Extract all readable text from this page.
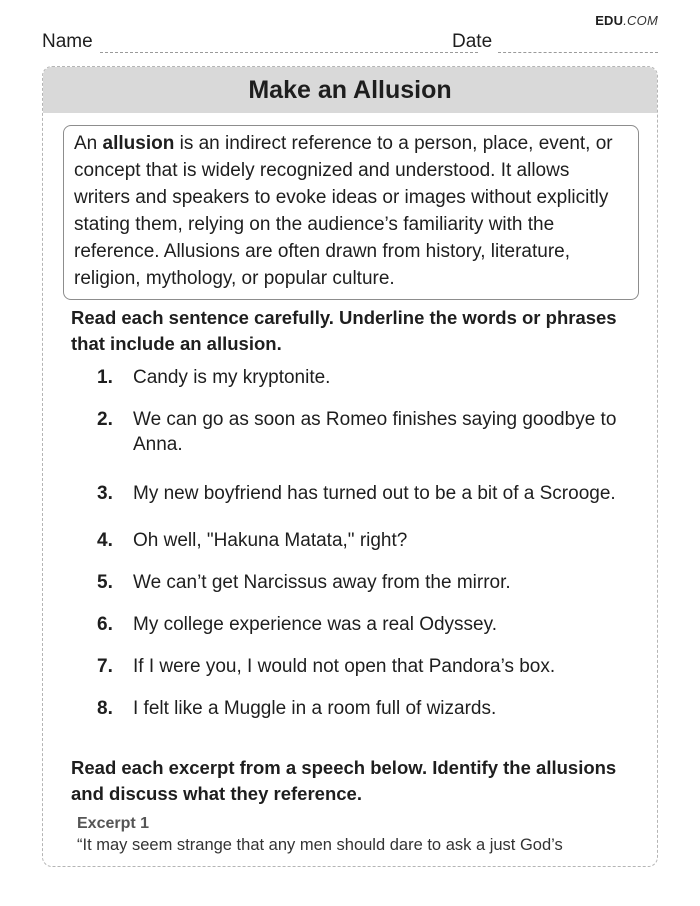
EDU.COM
Name	Date
Make an Allusion
An allusion is an indirect reference to a person, place, event, or concept that is widely recognized and understood. It allows writers and speakers to evoke ideas or images without explicitly stating them, relying on the audience’s familiarity with the reference. Allusions are often drawn from history, literature, religion, mythology, or popular culture.
Read each sentence carefully. Underline the words or phrases that include an allusion.
1.	Candy is my kryptonite.
2.	We can go as soon as Romeo finishes saying goodbye to Anna.
3.	My new boyfriend has turned out to be a bit of a Scrooge.
4.	Oh well, "Hakuna Matata," right?
5.	We can’t get Narcissus away from the mirror.
6.	My college experience was a real Odyssey.
7.	If I were you, I would not open that Pandora’s box.
8.	I felt like a Muggle in a room full of wizards.
Read each excerpt from a speech below. Identify the allusions and discuss what they reference.
Excerpt 1
“It may seem strange that any men should dare to ask a just God’s
